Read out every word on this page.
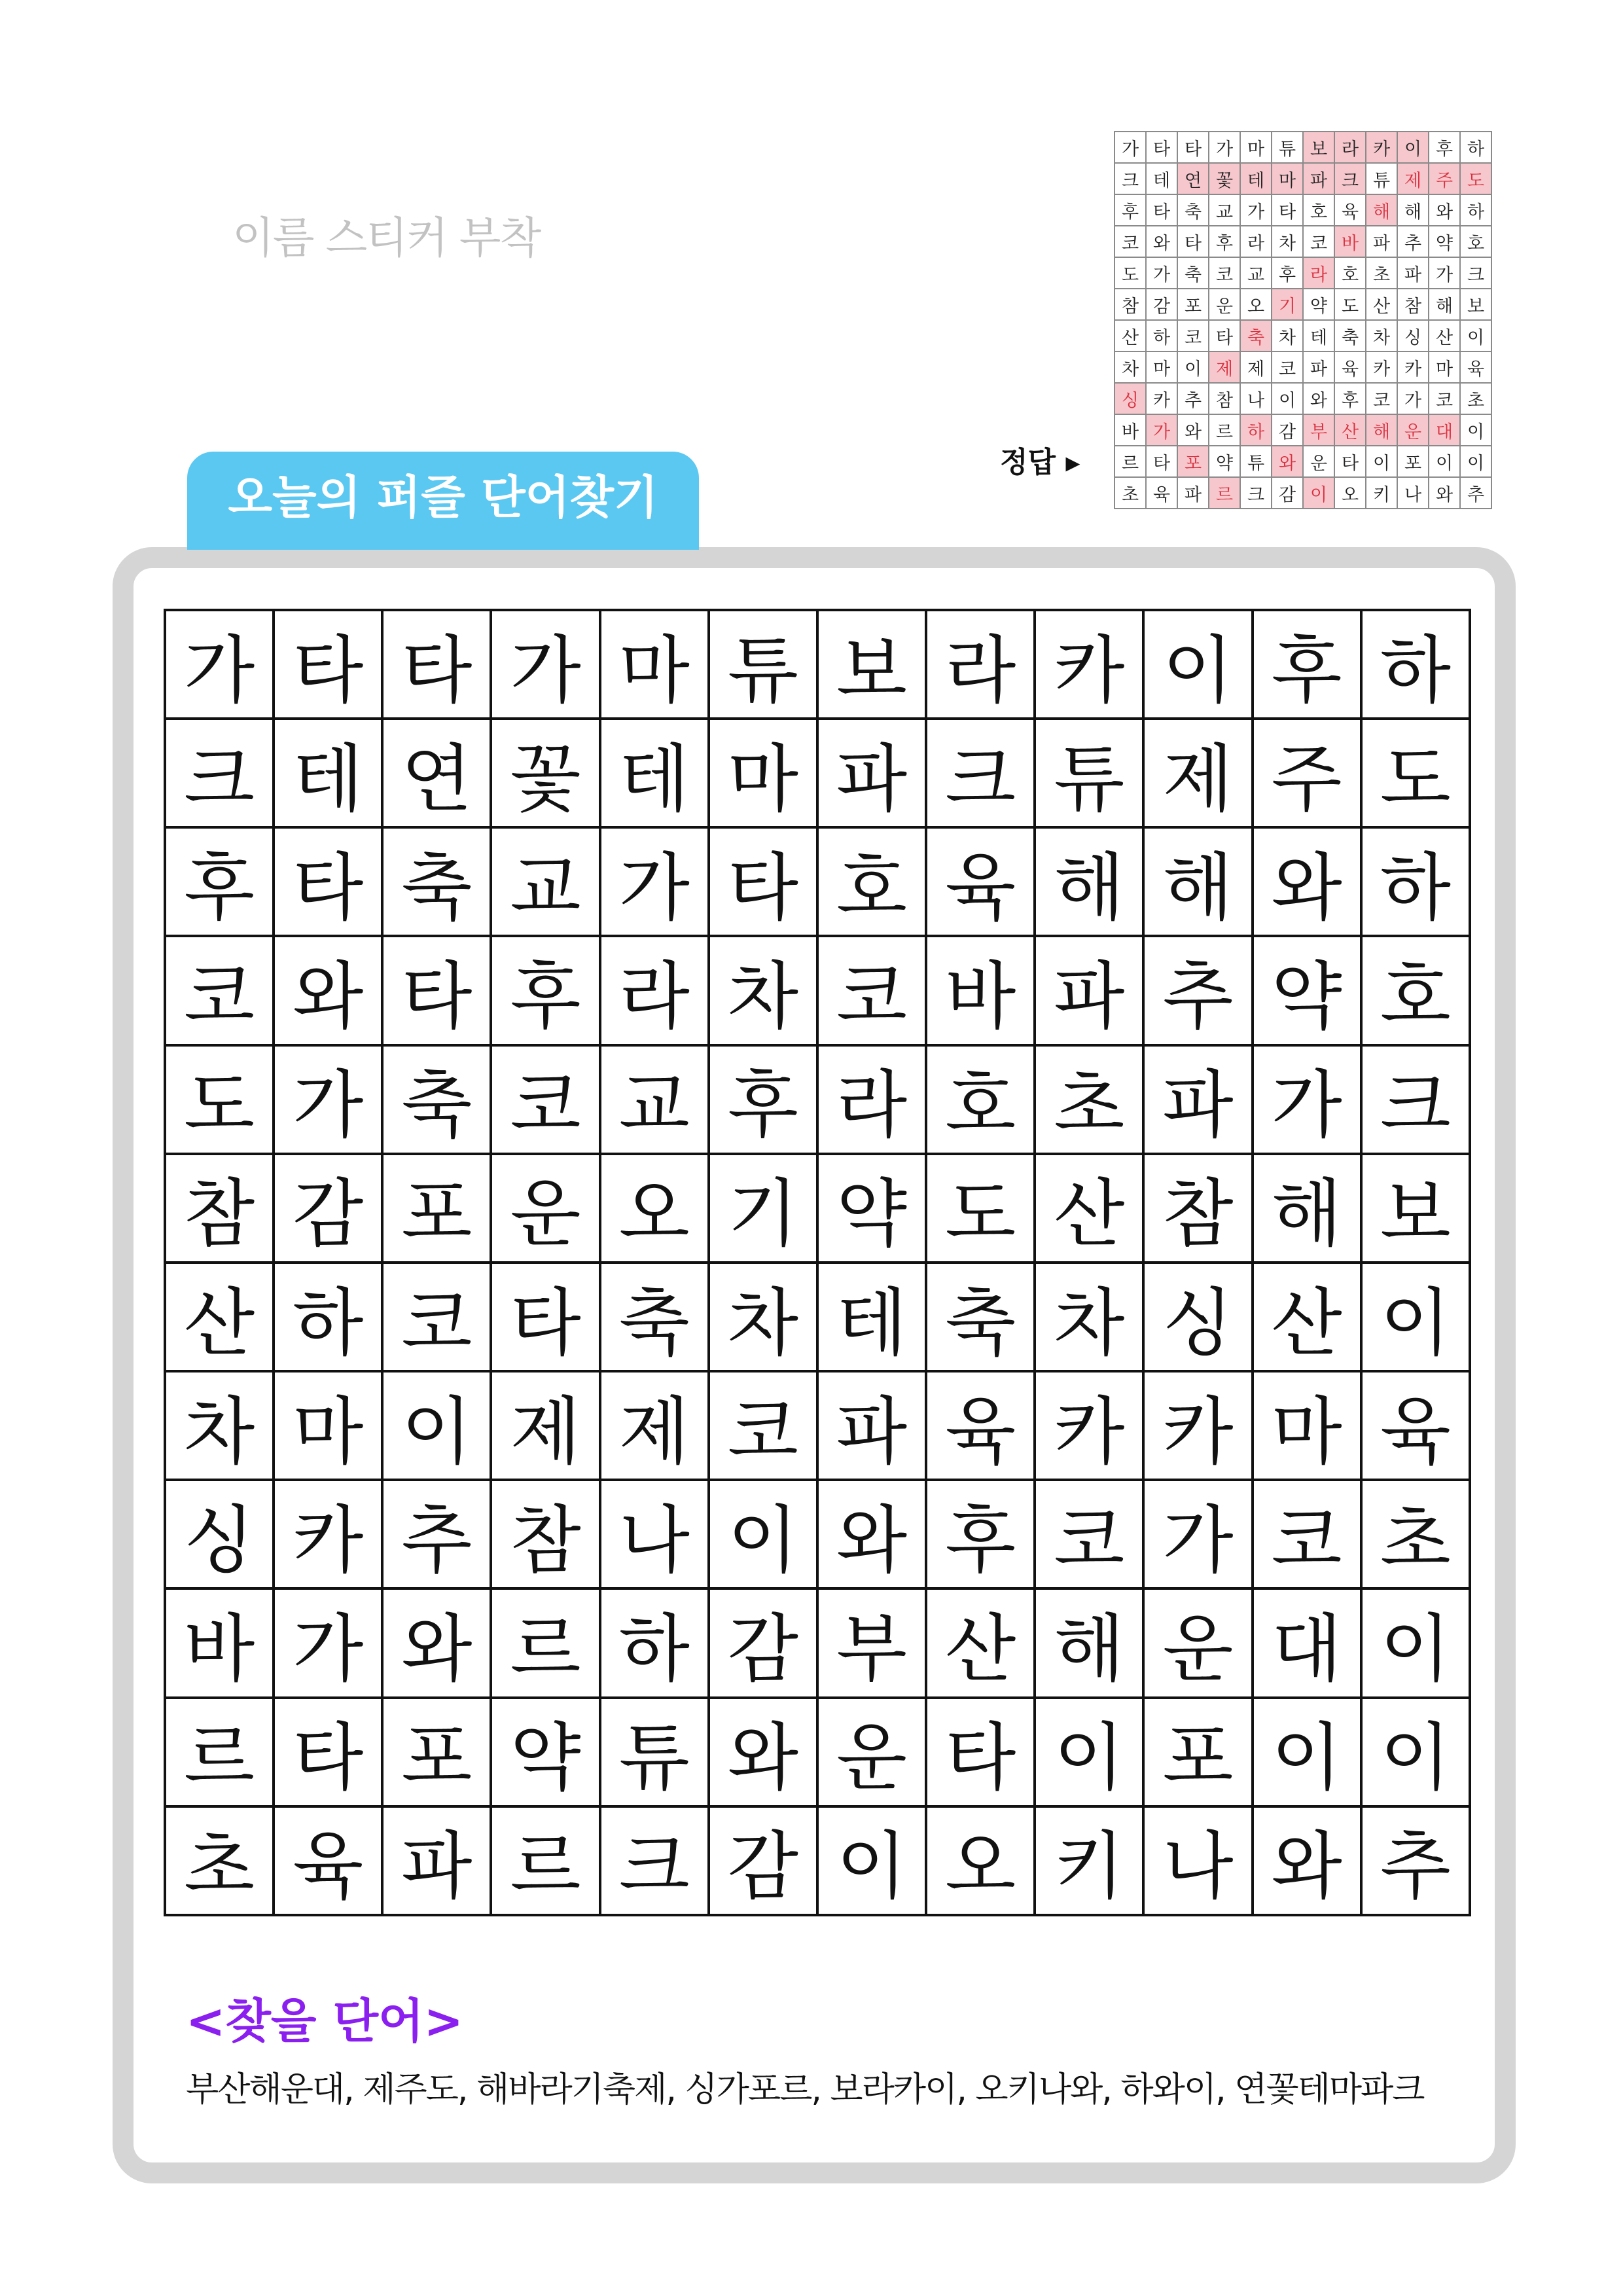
이름 스티커 부착
정답 ▸
가	타	타	가	마	튜	보	라	카	이	후	하
크	테	연	꽃	테	마	파	크	튜	제	주	도
후	타	축	교	가	타	호	육	해	해	와	하
코	와	타	후	라	차	코	바	파	추	약	호
도	가	축	코	교	후	라	호	초	파	가	크
참	감	포	운	오	기	약	도	산	참	해	보
산	하	코	타	축	차	테	축	차	싱	산	이
차	마	이	제	제	코	파	육	카	카	마	육
싱	카	추	참	나	이	와	후	코	가	코	초
바	가	와	르	하	감	부	산	해	운	대	이
르	타	포	약	튜	와	운	타	이	포	이	이
초	육	파	르	크	감	이	오	키	나	와	추
오늘의 퍼즐 단어찾기
가	타	타	가	마	튜	보	라	카	이	후	하
크	테	연	꽃	테	마	파	크	튜	제	주	도
후	타	축	교	가	타	호	육	해	해	와	하
코	와	타	후	라	차	코	바	파	추	약	호
도	가	축	코	교	후	라	호	초	파	가	크
참	감	포	운	오	기	약	도	산	참	해	보
산	하	코	타	축	차	테	축	차	싱	산	이
차	마	이	제	제	코	파	육	카	카	마	육
싱	카	추	참	나	이	와	후	코	가	코	초
바	가	와	르	하	감	부	산	해	운	대	이
르	타	포	약	튜	와	운	타	이	포	이	이
초	육	파	르	크	감	이	오	키	나	와	추
<찾을 단어>
부산해운대, 제주도, 해바라기축제, 싱가포르, 보라카이, 오키나와, 하와이, 연꽃테마파크
